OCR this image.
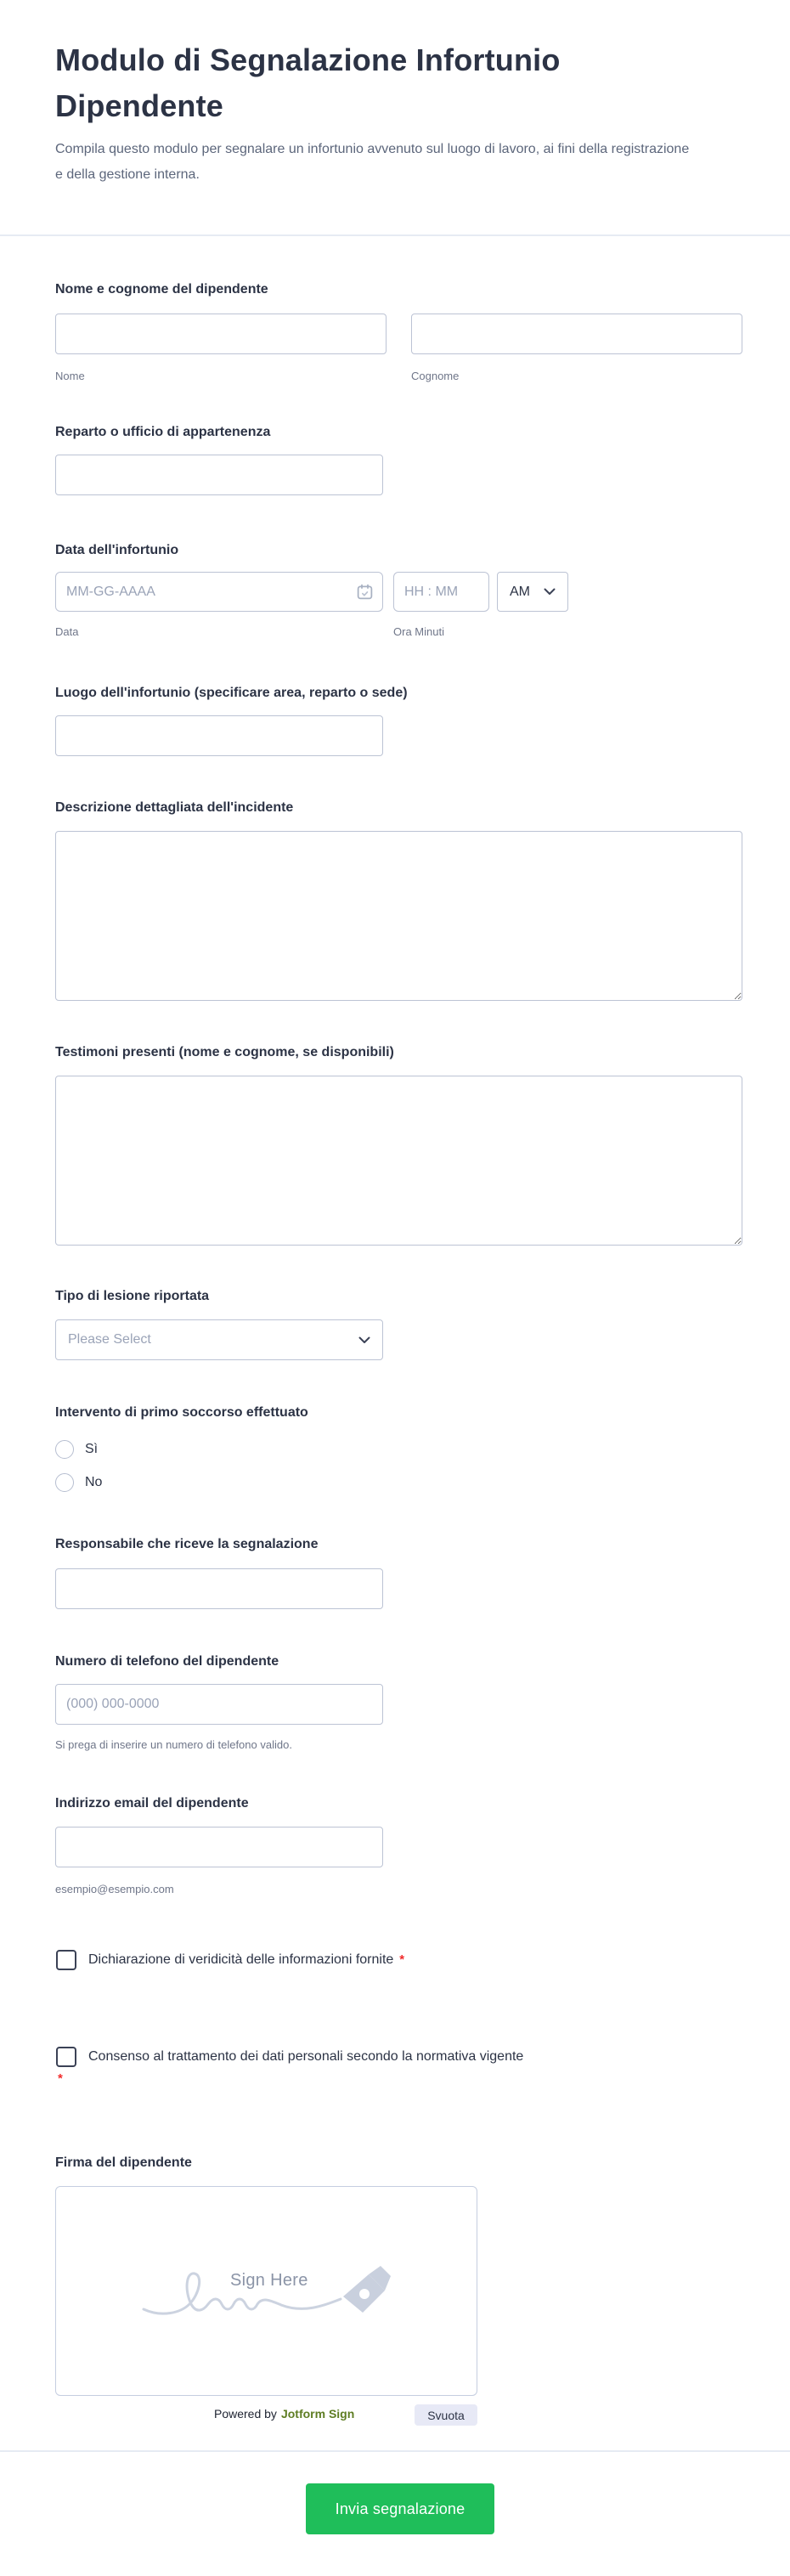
Modulo di Segnalazione Infortunio Dipendente

Compila questo modulo per segnalare un infortunio avvenuto sul luogo di lavoro, ai fini della registrazione e della gestione interna.

Nome e cognome del dipendente
Nome	Cognome
Reparto o ufficio di appartenenza
Data dell'infortunio
MM-GG-AAAA
HH : MM
AM
Data	Ora Minuti
Luogo dell'infortunio (specificare area, reparto o sede)
Descrizione dettagliata dell'incidente
Testimoni presenti (nome e cognome, se disponibili)
Tipo di lesione riportata
Please Select
Intervento di primo soccorso effettuato
Sì
No
Responsabile che riceve la segnalazione
Numero di telefono del dipendente
(000) 000-0000
Si prega di inserire un numero di telefono valido.
Indirizzo email del dipendente
esempio@esempio.com
Dichiarazione di veridicità delle informazioni fornite *
Consenso al trattamento dei dati personali secondo la normativa vigente
*
Firma del dipendente
Sign Here
Powered by Jotform Sign	Svuota
Invia segnalazione
